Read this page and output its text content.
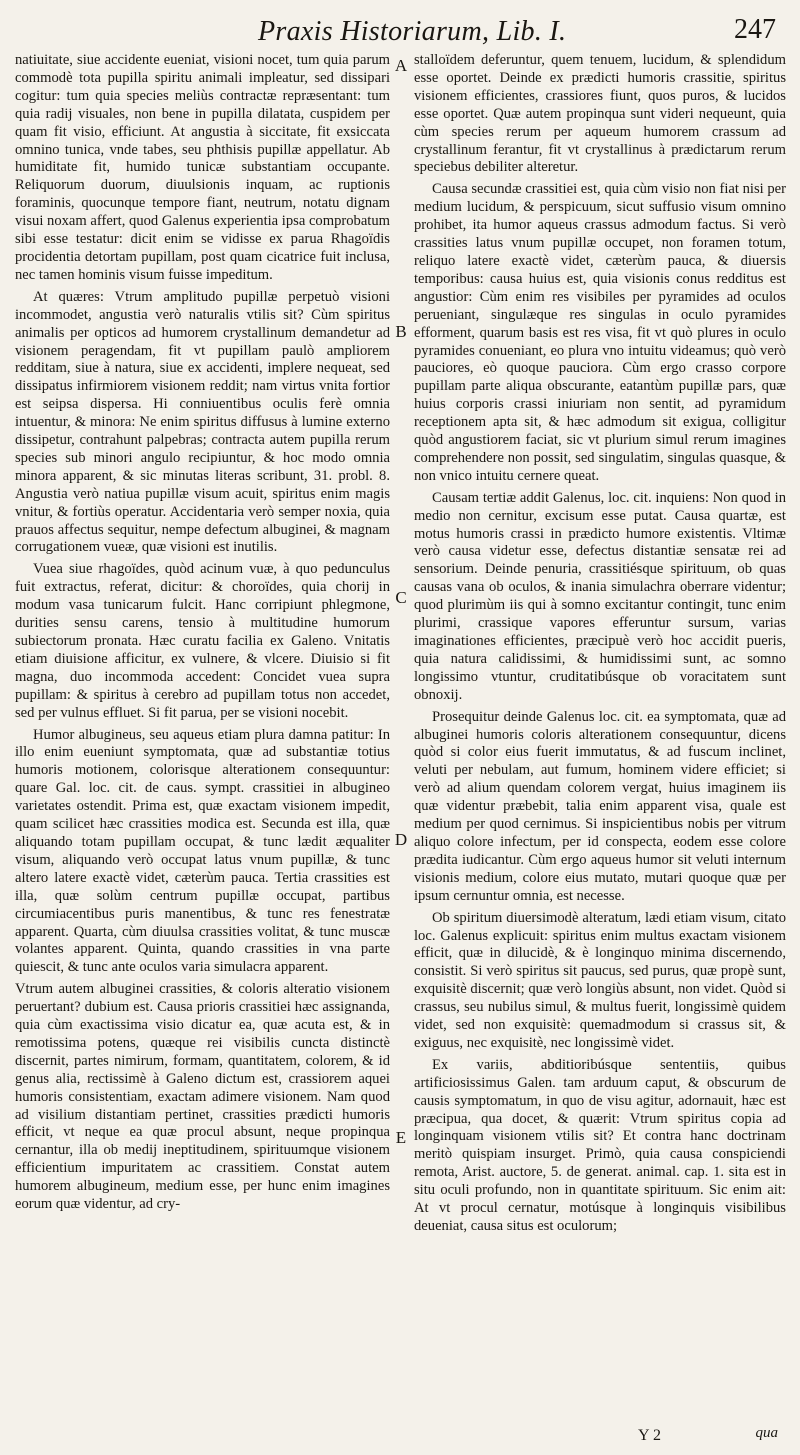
Praxis Historiarum, Lib. I.	247

natiuitate, siue accidente eueniat, visioni nocet, tum quia parum commodè tota pupilla spiritu animali impleatur, sed dissipari cogitur: tum quia species meliùs contractæ repræsentant: tum quia radij visuales, non bene in pupilla dilatata, cuspidem per quam fit visio, efficiunt. At angustia à siccitate, fit exsiccata omnino tunica, vnde tabes, seu phthisis pupillæ appellatur. Ab humiditate fit, humido tunicæ substantiam occupante. Reliquorum duorum, diuulsionis inquam, ac ruptionis foraminis, quocunque tempore fiant, neutrum, notatu dignam visui noxam affert, quod Galenus experientia ipsa comprobatum sibi esse testatur: dicit enim se vidisse ex parua Rhagoïdis procidentia detortam pupillam, post quam cicatrice fuit inclusa, nec tamen hominis visum fuisse impeditum.

At quæres: Vtrum amplitudo pupillæ perpetuò visioni incommodet, angustia verò naturalis vtilis sit? Cùm spiritus animalis per opticos ad humorem crystallinum demandetur ad visionem peragendam, fit vt pupillam paulò ampliorem redditam, siue à natura, siue ex accidenti, implere nequeat, sed dissipatus infirmiorem visionem reddit; nam virtus vnita fortior est seipsa dispersa. Hi conniuentibus oculis ferè omnia intuentur, & minora: Ne enim spiritus diffusus à lumine externo dissipetur, contrahunt palpebras; contracta autem pupilla rerum species sub minori angulo recipiuntur, & hoc modo omnia minora apparent, & sic minutas literas scribunt, 31. probl. 8. Angustia verò natiua pupillæ visum acuit, spiritus enim magis vnitur, & fortiùs operatur. Accidentaria verò semper noxia, quia prauos affectus sequitur, nempe defectum albuginei, & magnam corrugationem vueæ, quæ visioni est inutilis.

Vuea siue rhagoïdes, quòd acinum vuæ, à quo pedunculus fuit extractus, referat, dicitur: & choroïdes, quia chorij in modum vasa tunicarum fulcit. Hanc corripiunt phlegmone, durities sensu carens, tensio à multitudine humorum subiectorum pronata. Hæc curatu facilia ex Galeno. Vnitatis etiam diuisione afficitur, ex vulnere, & vlcere. Diuisio si fit magna, duo incommoda accedent: Concidet vuea supra pupillam: & spiritus à cerebro ad pupillam totus non accedet, sed per vulnus effluet. Si fit parua, per se visioni nocebit.

Humor albugineus, seu aqueus etiam plura damna patitur: In illo enim eueniunt symptomata, quæ ad substantiæ totius humoris motionem, colorisque alterationem consequuntur: quare Gal. loc. cit. de caus. sympt. crassitiei in albugineo varietates ostendit. Prima est, quæ exactam visionem impedit, quam scilicet hæc crassities modica est. Secunda est illa, quæ aliquando totam pupillam occupat, & tunc lædit æqualiter visum, aliquando verò occupat latus vnum pupillæ, & tunc altero latere exactè videt, cæterùm pauca. Tertia crassities est illa, quæ solùm centrum pupillæ occupat, partibus circumiacentibus puris manentibus, & tunc res fenestratæ apparent. Quarta, cùm diuulsa crassities volitat, & tunc muscæ volantes apparent. Quinta, quando crassities in vna parte quiescit, & tunc ante oculos varia simulacra apparent.

Vtrum autem albuginei crassities, & coloris alteratio visionem peruertant? dubium est. Causa prioris crassitiei hæc assignanda, quia cùm exactissima visio dicatur ea, quæ acuta est, & in remotissima potens, quæque rei visibilis cuncta distinctè discernit, partes nimirum, formam, quantitatem, colorem, & id genus alia, rectissimè à Galeno dictum est, crassiorem aquei humoris consistentiam, exactam adimere visionem. Nam quod ad visilium distantiam pertinet, crassities prædicti humoris efficit, vt neque ea quæ procul absunt, neque propinqua cernantur, illa ob medij ineptitudinem, spirituumque visionem efficientium impuritatem ac crassitiem. Constat autem humorem albugineum, medium esse, per hunc enim imagines eorum quæ videntur, ad cry-

A
B
C
D
E

stalloïdem deferuntur, quem tenuem, lucidum, & splendidum esse oportet. Deinde ex prædicti humoris crassitie, spiritus visionem efficientes, crassiores fiunt, quos puros, & lucidos esse oportet. Quæ autem propinqua sunt videri nequeunt, quia cùm species rerum per aqueum humorem crassum ad crystallinum ferantur, fit vt crystallinus à prædictarum rerum speciebus debiliter alteretur.

Causa secundæ crassitiei est, quia cùm visio non fiat nisi per medium lucidum, & perspicuum, sicut suffusio visum omnino prohibet, ita humor aqueus crassus admodum factus. Si verò crassities latus vnum pupillæ occupet, non foramen totum, reliquo latere exactè videt, cæterùm pauca, & diuersis temporibus: causa huius est, quia visionis conus redditus est angustior: Cùm enim res visibiles per pyramides ad oculos perueniant, singulæque res singulas in oculo pyramides efforment, quarum basis est res visa, fit vt quò plures in oculo pyramides conueniant, eo plura vno intuitu videamus; quò verò pauciores, eò quoque pauciora. Cùm ergo crasso corpore pupillam parte aliqua obscurante, eatantùm pupillæ pars, quæ huius corporis crassi iniuriam non sentit, ad pyramidum receptionem apta sit, & hæc admodum sit exigua, colligitur quòd angustiorem faciat, sic vt plurium simul rerum imagines comprehendere non possit, sed singulatim, singulas quasque, & non vnico intuitu cernere queat.

Causam tertiæ addit Galenus, loc. cit. inquiens: Non quod in medio non cernitur, excisum esse putat. Causa quartæ, est motus humoris crassi in prædicto humore existentis. Vltimæ verò causa videtur esse, defectus distantiæ sensatæ rei ad sensorium. Deinde penuria, crassitiésque spirituum, ob quas causas vana ob oculos, & inania simulachra oberrare videntur; quod plurimùm iis qui à somno excitantur contingit, tunc enim plurimi, crassique vapores efferuntur sursum, varias imaginationes efficientes, præcipuè verò hoc accidit pueris, quia natura calidissimi, & humidissimi sunt, ac somno longissimo vtuntur, cruditatibúsque ob voracitatem sunt obnoxij.

Prosequitur deinde Galenus loc. cit. ea symptomata, quæ ad albuginei humoris coloris alterationem consequuntur, dicens quòd si color eius fuerit immutatus, & ad fuscum inclinet, veluti per nebulam, aut fumum, hominem videre efficiet; si verò ad alium quendam colorem vergat, huius imaginem iis quæ videntur præbebit, talia enim apparent visa, quale est medium per quod cernimus. Si inspicientibus nobis per vitrum aliquo colore infectum, per id conspecta, eodem esse colore prædita iudicantur. Cùm ergo aqueus humor sit veluti internum visionis medium, colore eius mutato, mutari quoque quæ per ipsum cernuntur omnia, est necesse.

Ob spiritum diuersimodè alteratum, lædi etiam visum, citato loc. Galenus explicuit: spiritus enim multus exactam visionem efficit, quæ in dilucidè, & è longinquo minima discernendo, consistit. Si verò spiritus sit paucus, sed purus, quæ propè sunt, exquisitè discernit; quæ verò longiùs absunt, non videt. Quòd si crassus, seu nubilus simul, & multus fuerit, longissimè quidem videt, sed non exquisitè: quemadmodum si crassus sit, & exiguus, nec exquisitè, nec longissimè videt.

Ex variis, abditioribúsque sententiis, quibus artificiosissimus Galen. tam arduum caput, & obscurum de causis symptomatum, in quo de visu agitur, adornauit, hæc est præcipua, qua docet, & quærit: Vtrum spiritus copia ad longinquam visionem vtilis sit? Et contra hanc doctrinam meritò quispiam insurget. Primò, quia causa conspiciendi remota, Arist. auctore, 5. de generat. animal. cap. 1. sita est in situ oculi profundo, non in quantitate spirituum. Sic enim ait: At vt procul cernatur, motúsque à longinquis visibilibus deueniat, causa situs est oculorum;

Y 2	qua
